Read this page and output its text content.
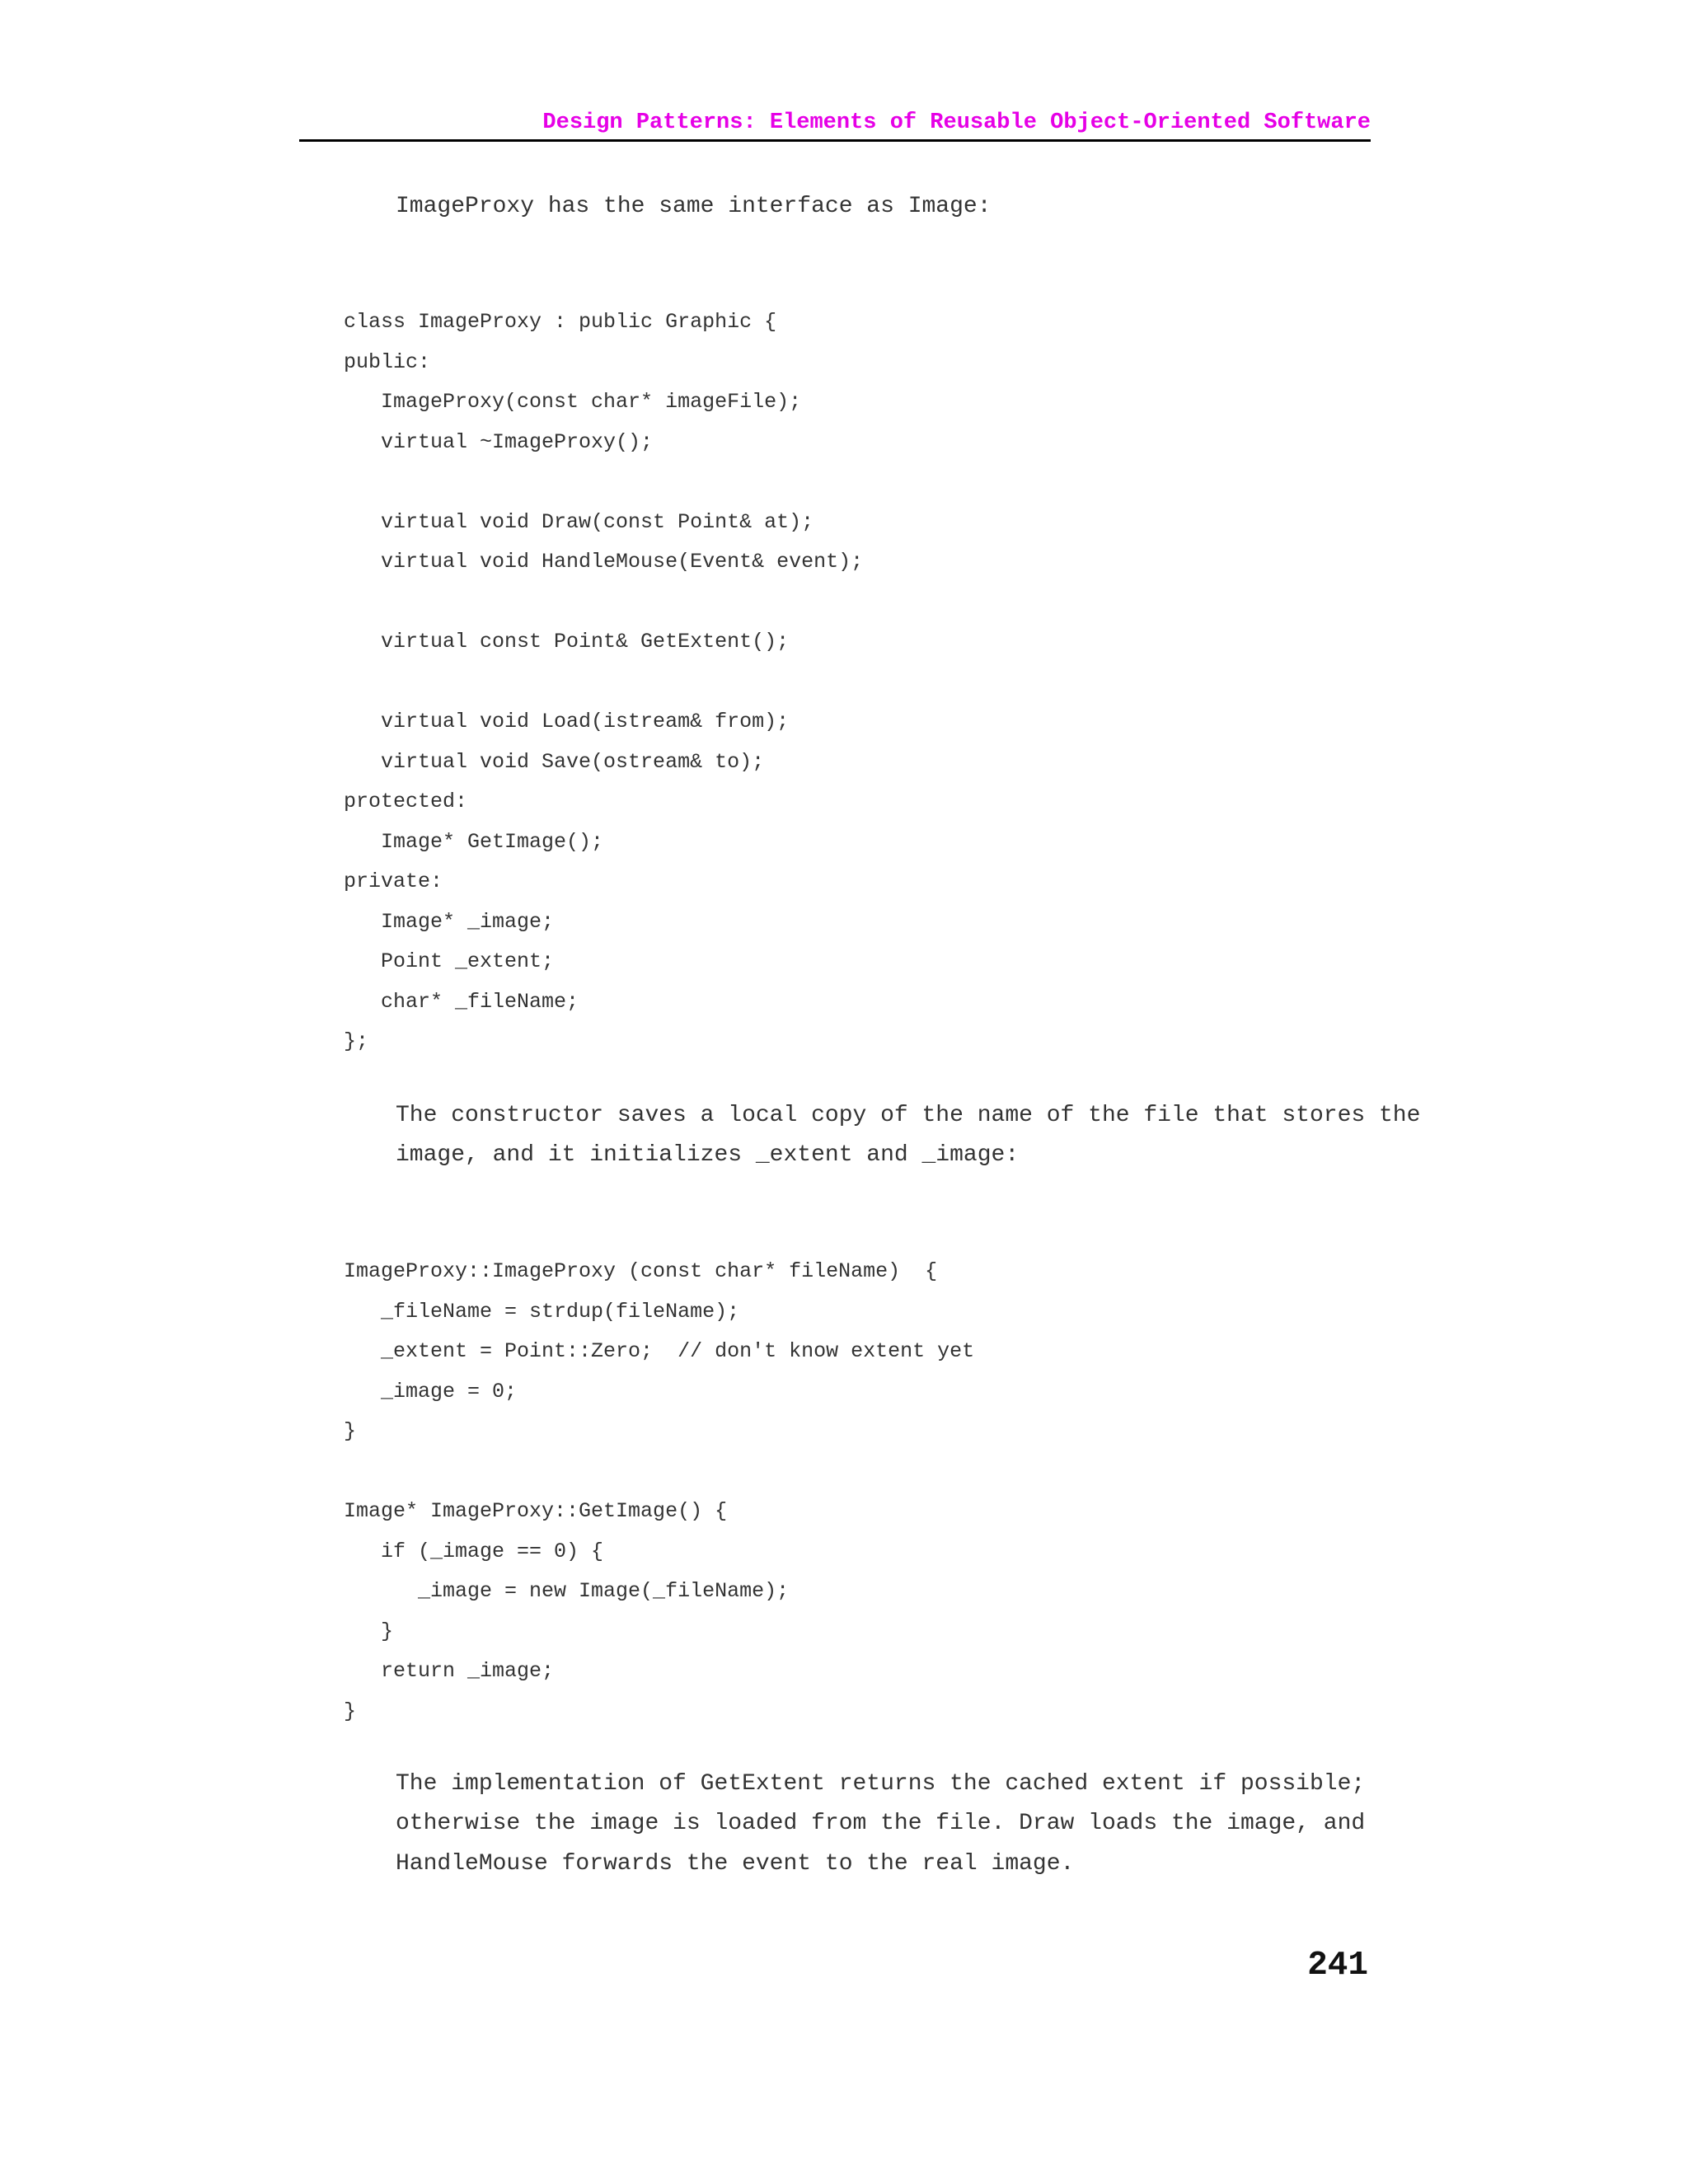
Design Patterns: Elements of Reusable Object-Oriented Software
ImageProxy has the same interface as Image:
class ImageProxy : public Graphic {
public:
ImageProxy(const char* imageFile);
virtual ~ImageProxy();
virtual void Draw(const Point& at);
virtual void HandleMouse(Event& event);
virtual const Point& GetExtent();
virtual void Load(istream& from);
virtual void Save(ostream& to);
protected:
Image* GetImage();
private:
Image* _image;
Point _extent;
char* _fileName;
};
The constructor saves a local copy of the name of the file that stores the
image, and it initializes _extent and _image:
ImageProxy::ImageProxy (const char* fileName)  {
_fileName = strdup(fileName);
_extent = Point::Zero;  // don't know extent yet
_image = 0;
}
Image* ImageProxy::GetImage() {
if (_image == 0) {
_image = new Image(_fileName);
}
return _image;
}
The implementation of GetExtent returns the cached extent if possible;
otherwise the image is loaded from the file. Draw loads the image, and
HandleMouse forwards the event to the real image.
241
